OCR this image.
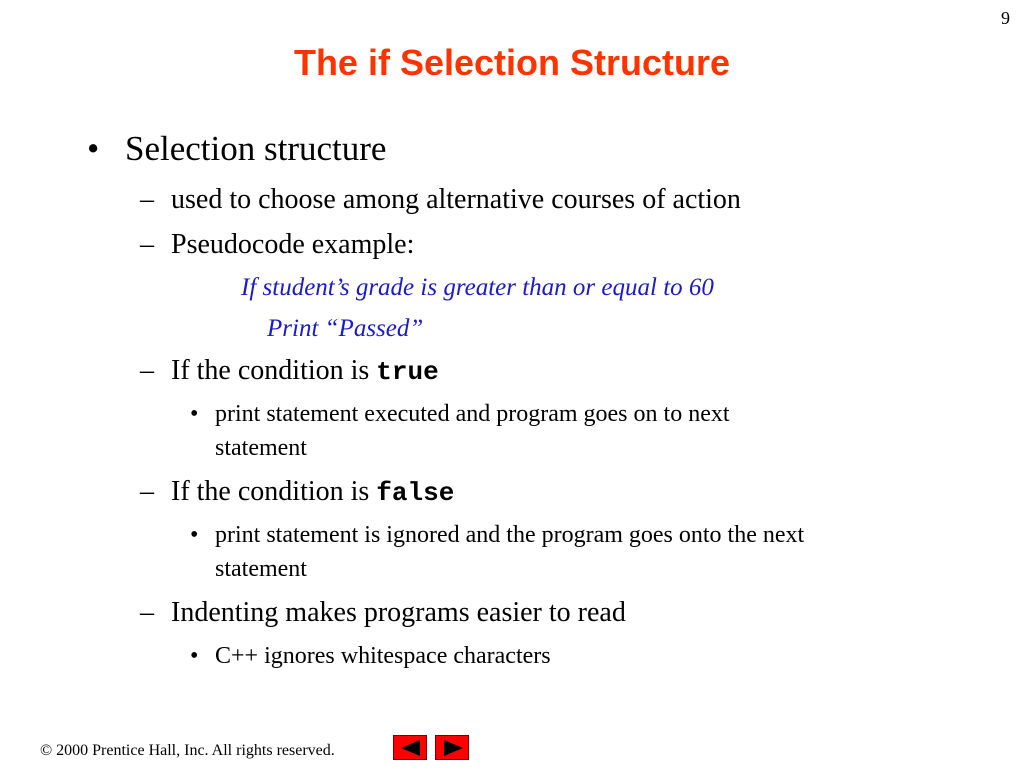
9
The if Selection Structure
• Selection structure
– used to choose among alternative courses of action
– Pseudocode example:
If student’s grade is greater than or equal to 60
Print “Passed”
– If the condition is true
• print statement executed and program goes on to next
statement
– If the condition is false
• print statement is ignored and the program goes onto the next
statement
– Indenting makes programs easier to read
• C++ ignores whitespace characters
© 2000 Prentice Hall, Inc. All rights reserved.
